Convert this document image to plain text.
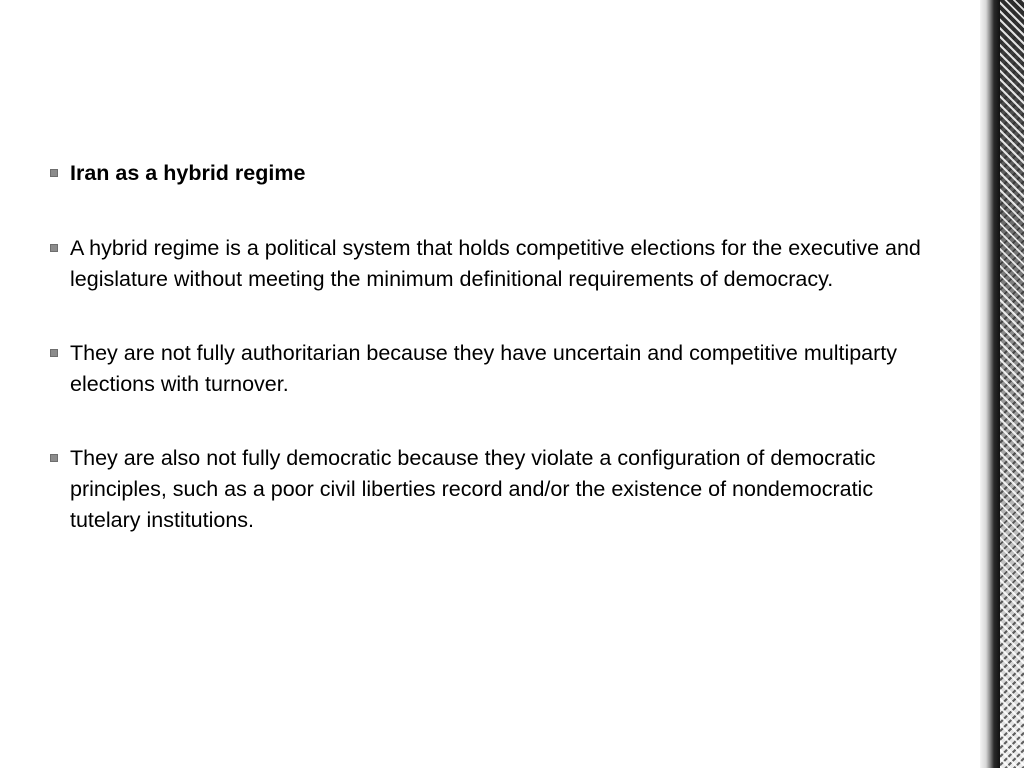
Iran as a hybrid regime
A hybrid regime is a political system that holds competitive elections for the executive and legislature without meeting the minimum definitional requirements of democracy.
They are not fully authoritarian because they have uncertain and competitive multiparty elections with turnover.
They are also not fully democratic because they violate a configuration of democratic principles, such as a poor civil liberties record and/or the existence of nondemocratic tutelary institutions.
